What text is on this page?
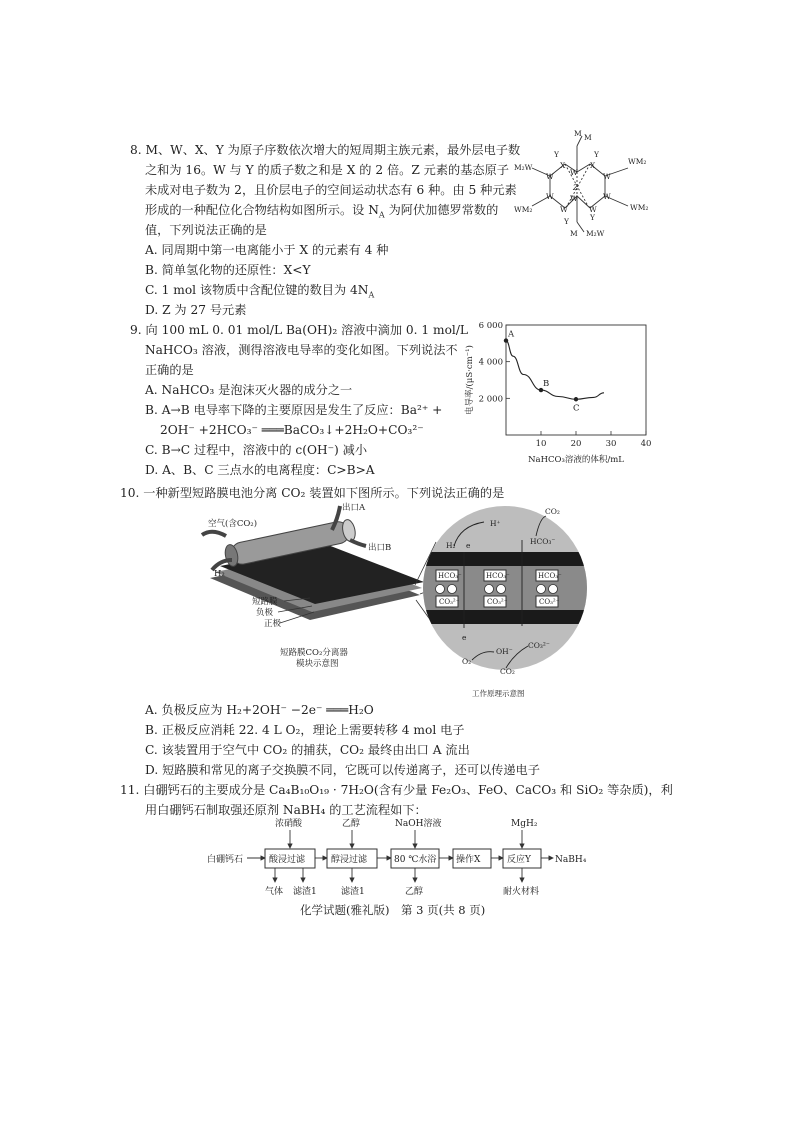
8. M、W、X、Y 为原子序数依次增大的短周期主族元素，最外层电子数
之和为 16。W 与 Y 的质子数之和是 X 的 2 倍。Z 元素的基态原子
未成对电子数为 2，且价层电子的空间运动状态有 6 种。由 5 种元素
形成的一种配位化合物结构如图所示。设 $N_A$ 为阿伏加德罗常数的
值，下列说法正确的是
A. 同周期中第一电离能小于 X 的元素有 4 种
B. 简单氢化物的还原性：X<Y
C. 1 mol 该物质中含配位键的数目为 $4N_A$
D. Z 为 27 号元素
M M
Y	Y
X	X
W
W
W
W
W	W
W
W
Z
Y	Y
M M₂W
M₂W
WM₂
WM₂
WM₂
9. 向 100 mL 0. 01 mol/L Ba(OH)₂ 溶液中滴加 0. 1 mol/L
NaHCO₃ 溶液，测得溶液电导率的变化如图。下列说法不
正确的是
A. NaHCO₃ 是泡沫灭火器的成分之一
B. A→B 电导率下降的主要原因是发生了反应：Ba²⁺ +
2OH⁻ +2HCO₃⁻ ═══BaCO₃↓+2H₂O+CO₃²⁻
C. B→C 过程中，溶液中的 c(OH⁻) 减小
D. A、B、C 三点水的电离程度：C>B>A
2 000
4 000
6 000
10	20	30	40
电导率/(μS·cm⁻¹)
NaHCO₃溶液的体积/mL
A
B
C
10. 一种新型短路膜电池分离 CO₂ 装置如下图所示。下列说法正确的是
空气(含CO₂)
H₂
出口A
出口B
短路膜
负极
正极
短路膜CO₂分离器
模块示意图
H⁺
CO₂
HCO₃⁻
H₂ e
O₂
OH⁻
e
CO₃²⁻
CO₂
工作原理示意图
HCO₃⁻	HCO₃⁻	HCO₃⁻
CO₃²⁻	CO₃²⁻	CO₃²⁻
A. 负极反应为 H₂+2OH⁻ −2e⁻ ═══H₂O
B. 正极反应消耗 22. 4 L O₂，理论上需要转移 4 mol 电子
C. 该装置用于空气中 CO₂ 的捕获，CO₂ 最终由出口 A 流出
D. 短路膜和常见的离子交换膜不同，它既可以传递离子，还可以传递电子
11. 白硼钙石的主要成分是 Ca₄B₁₀O₁₉ · 7H₂O(含有少量 Fe₂O₃、FeO、CaCO₃ 和 SiO₂ 等杂质)，利
用白硼钙石制取强还原剂 NaBH₄ 的工艺流程如下：
白硼钙石	NaBH₄
酸浸过滤	醇浸过滤	80 ℃水浴 操作X	反应Y
浓硝酸	乙醇	NaOH溶液	MgH₂
气体 滤渣1	滤渣1	乙醇	耐火材料
化学试题(雅礼版)　第 3 页(共 8 页)
